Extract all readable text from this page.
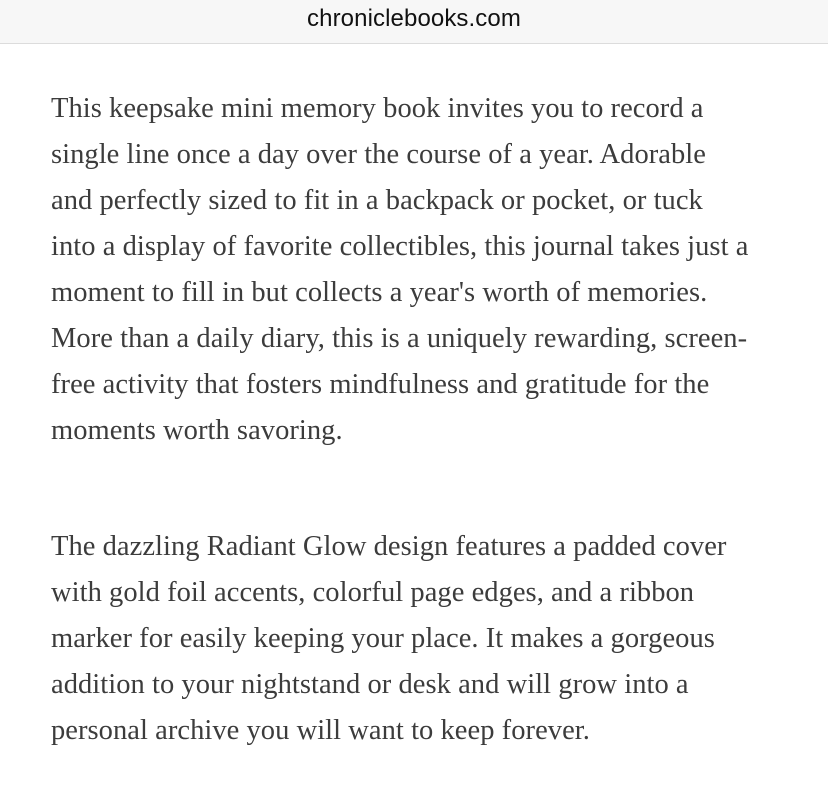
chroniclebooks.com

This keepsake mini memory book invites you to record a
single line once a day over the course of a year. Adorable
and perfectly sized to fit in a backpack or pocket, or tuck
into a display of favorite collectibles, this journal takes just a
moment to fill in but collects a year's worth of memories.
More than a daily diary, this is a uniquely rewarding, screen-
free activity that fosters mindfulness and gratitude for the
moments worth savoring.

The dazzling Radiant Glow design features a padded cover
with gold foil accents, colorful page edges, and a ribbon
marker for easily keeping your place. It makes a gorgeous
addition to your nightstand or desk and will grow into a
personal archive you will want to keep forever.
